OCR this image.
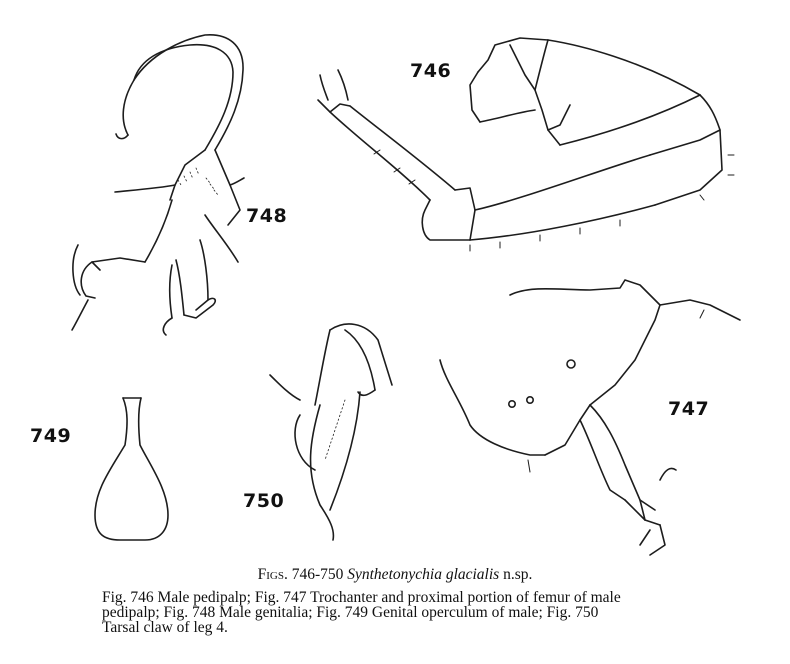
746
748
749
750
747
Figs. 746-750 Synthetonychia glacialis n.sp.
Fig. 746 Male pedipalp; Fig. 747 Trochanter and proximal portion of femur of male
pedipalp; Fig. 748 Male genitalia; Fig. 749 Genital operculum of male; Fig. 750
Tarsal claw of leg 4.
